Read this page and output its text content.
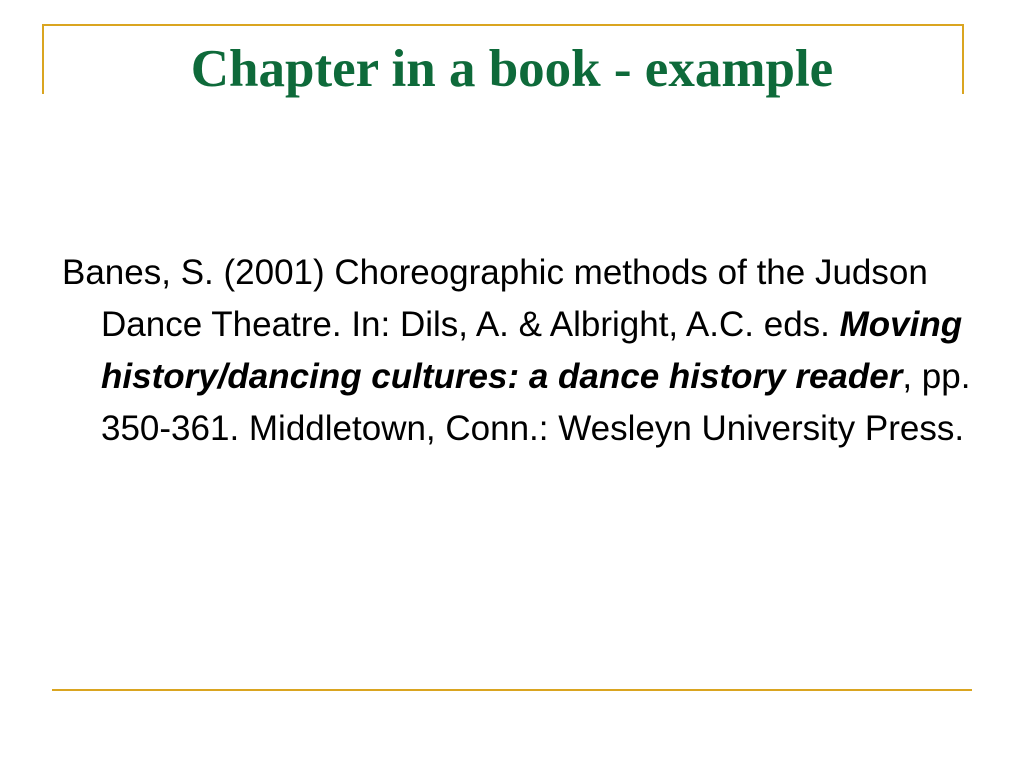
Chapter in a book - example

Banes, S. (2001) Choreographic methods of the Judson Dance Theatre. In: Dils, A. & Albright, A.C. eds. Moving history/dancing cultures: a dance history reader, pp. 350-361. Middletown, Conn.: Wesleyn University Press.
